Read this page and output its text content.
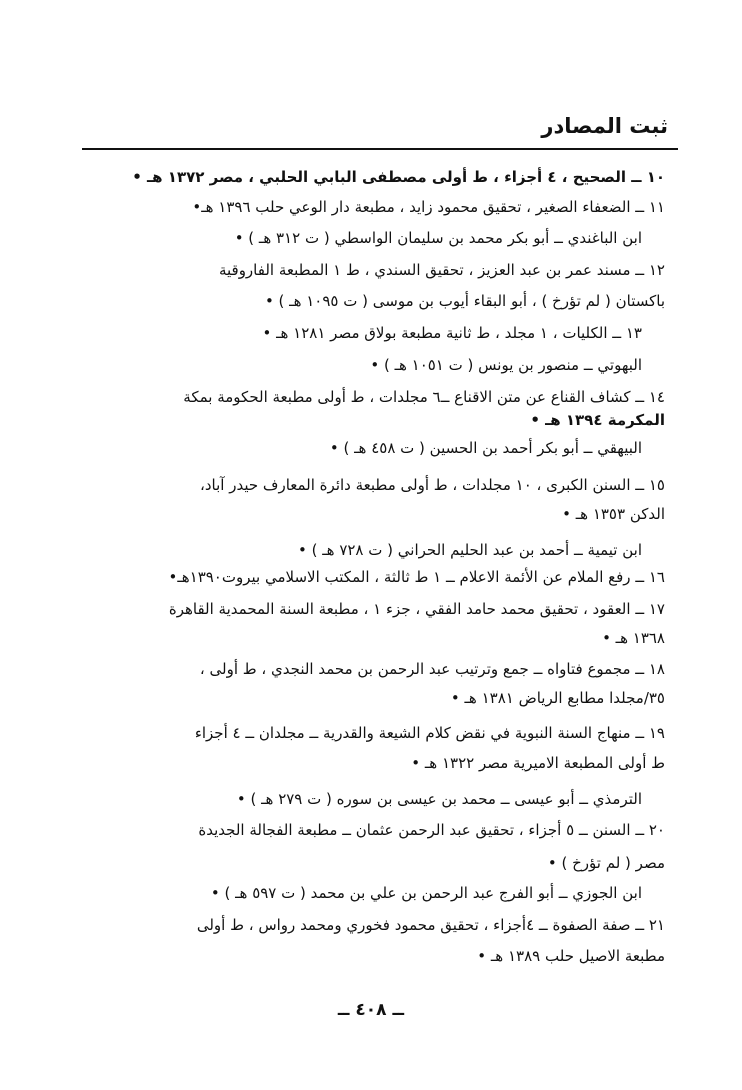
ثبت المصادر
١٠ ــ الصحيح ، ٤ أجزاء ، ط أولى مصطفى البابي الحلبي ، مصر ١٣٧٢ هـ •
١١ ــ الضعفاء الصغير ، تحقيق محمود زايد ، مطبعة دار الوعي حلب ١٣٩٦ هـ•
ابن الباغندي ــ أبو بكر محمد بن سليمان الواسطي ( ت ٣١٢ هـ ) •
١٢ ــ مسند عمر بن عبد العزيز ، تحقيق السندي ، ط ١ المطبعة الفاروقية
باكستان ( لم تؤرخ ) ، أبو البقاء أيوب بن موسى ( ت ١٠٩٥ هـ ) •
١٣ ــ الكليات ، ١ مجلد ، ط ثانية مطبعة بولاق مصر ١٢٨١ هـ •
البهوتي ــ منصور بن يونس ( ت ١٠٥١ هـ ) •
١٤ ــ كشاف القناع عن متن الاقناع ــ٦ مجلدات ، ط أولى مطبعة الحكومة بمكة
المكرمة ١٣٩٤ هـ •
البيهقي ــ أبو بكر أحمد بن الحسين ( ت ٤٥٨ هـ ) •
١٥ ــ السنن الكبرى ، ١٠ مجلدات ، ط أولى مطبعة دائرة المعارف حيدر آباد،
الدكن ١٣٥٣ هـ •
ابن تيمية ــ أحمد بن عبد الحليم الحراني ( ت ٧٢٨ هـ ) •
١٦ ــ رفع الملام عن الأئمة الاعلام ــ ١ ط ثالثة ، المكتب الاسلامي بيروت١٣٩٠هـ•
١٧ ــ العقود ، تحقيق محمد حامد الفقي ، جزء ١ ، مطبعة السنة المحمدية القاهرة
١٣٦٨ هـ •
١٨ ــ مجموع فتاواه ــ جمع وترتيب عبد الرحمن بن محمد النجدي ، ط أولى ،
٣٥/مجلدا مطابع الرياض ١٣٨١ هـ •
١٩ ــ منهاج السنة النبوية في نقض كلام الشيعة والقدرية ــ مجلدان ــ ٤ أجزاء
ط أولى المطبعة الاميرية مصر ١٣٢٢ هـ •
الترمذي ــ أبو عيسى ــ محمد بن عيسى بن سوره ( ت ٢٧٩ هـ ) •
٢٠ ــ السنن ــ ٥ أجزاء ، تحقيق عبد الرحمن عثمان ــ مطبعة الفجالة الجديدة
مصر ( لم تؤرخ ) •
ابن الجوزي ــ أبو الفرج عبد الرحمن بن علي بن محمد ( ت ٥٩٧ هـ ) •
٢١ ــ صفة الصفوة ــ ٤أجزاء ، تحقيق محمود فخوري ومحمد رواس ، ط أولى
مطبعة الاصيل حلب ١٣٨٩ هـ •
ــ ٤٠٨ ــ
